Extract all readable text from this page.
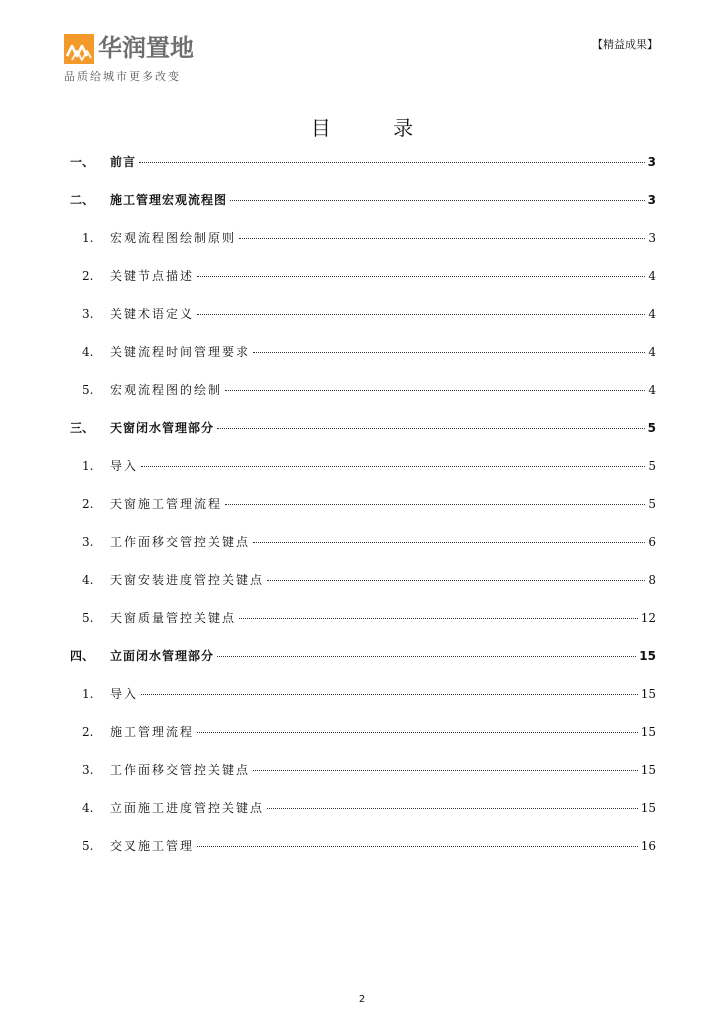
华润置地
品质给城市更多改变
【精益成果】
目 录
一、	前言	3
二、	施工管理宏观流程图	3
1.	宏观流程图绘制原则	3
2.	关键节点描述	4
3.	关键术语定义	4
4.	关键流程时间管理要求	4
5.	宏观流程图的绘制	4
三、	天窗闭水管理部分	5
1.	导入	5
2.	天窗施工管理流程	5
3.	工作面移交管控关键点	6
4.	天窗安装进度管控关键点	8
5.	天窗质量管控关键点	12
四、	立面闭水管理部分	15
1.	导入	15
2.	施工管理流程	15
3.	工作面移交管控关键点	15
4.	立面施工进度管控关键点	15
5.	交叉施工管理	16
2
